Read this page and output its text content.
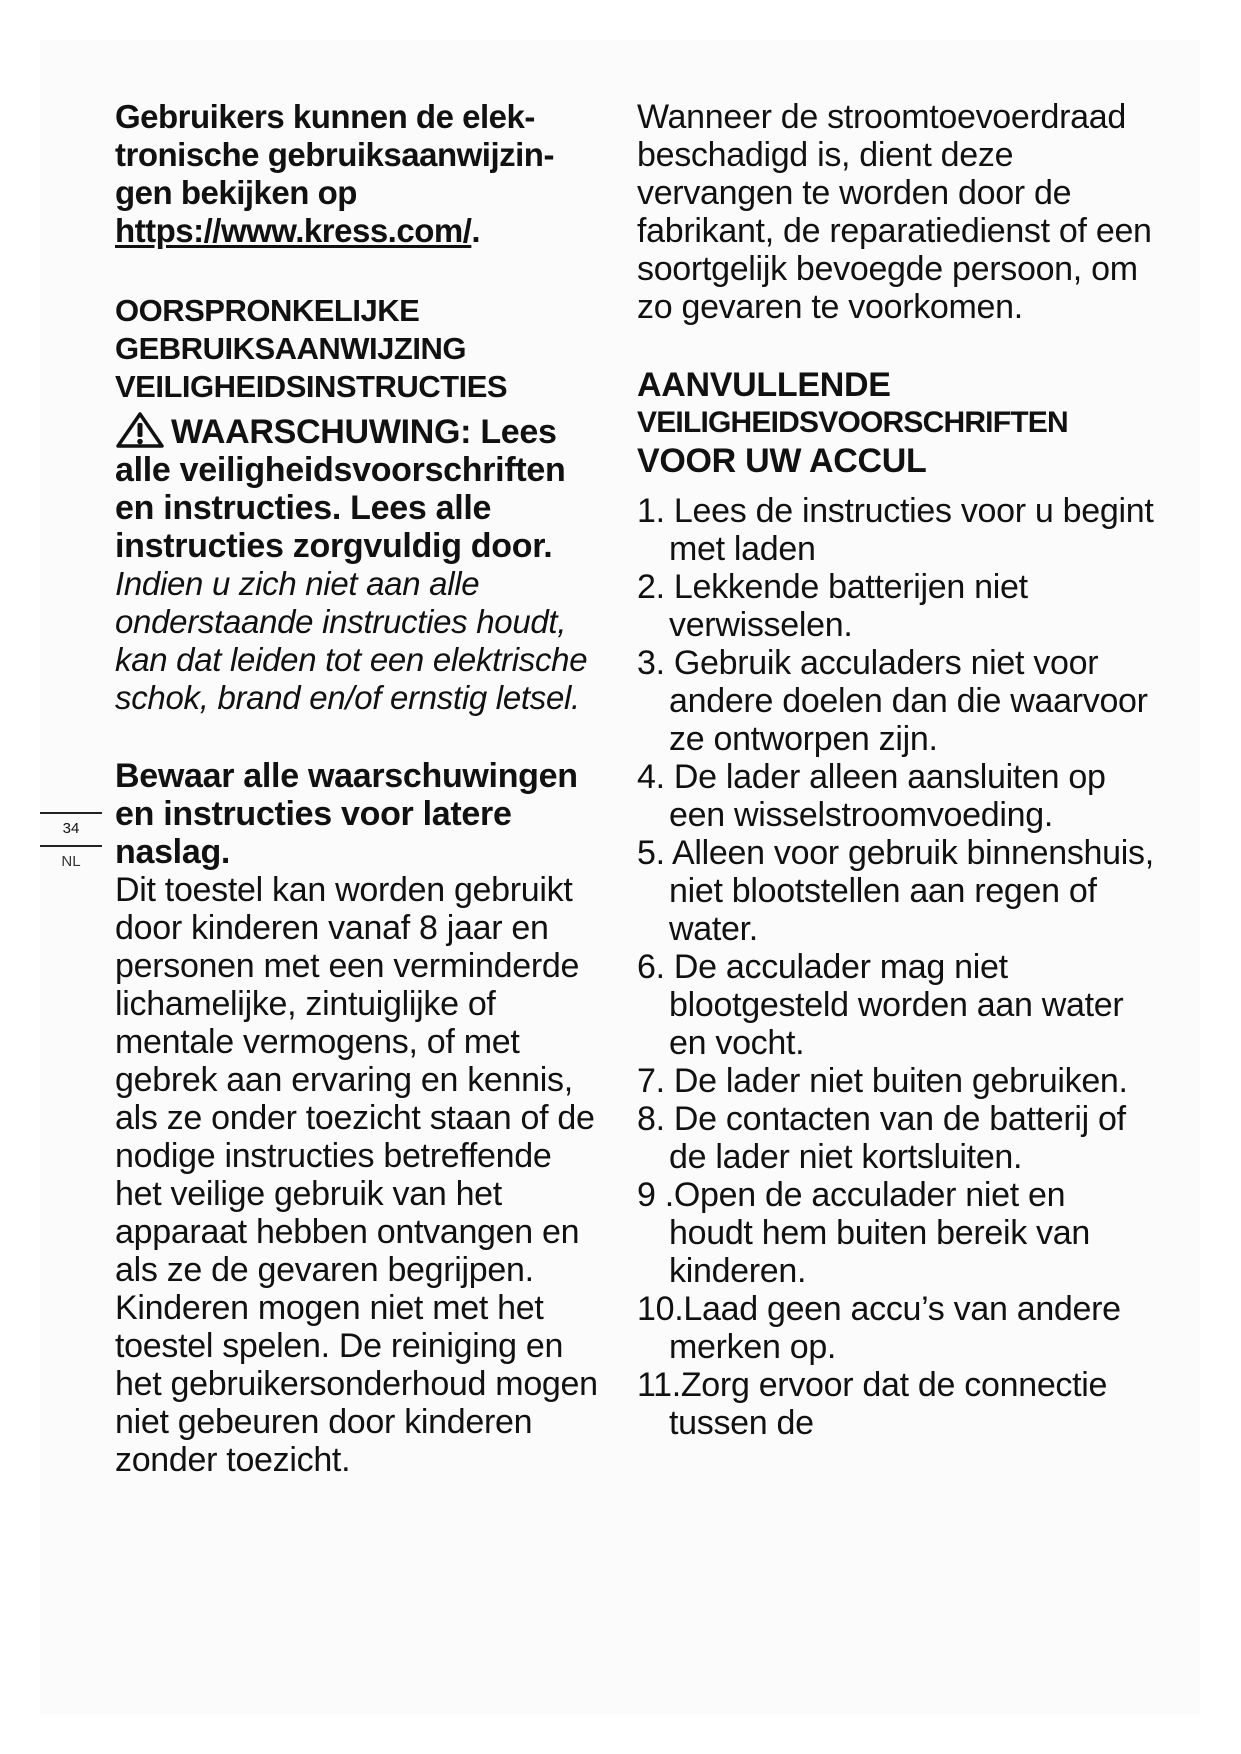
Gebruikers kunnen de elek-tronische gebruiksaanwijzin-gen bekijken op https://www.kress.com/.

OORSPRONKELIJKE
GEBRUIKSAANWIJZING
VEILIGHEIDSINSTRUCTIES

WAARSCHUWING: Lees alle veiligheidsvoorschriften en instructies. Lees alle instructies zorgvuldig door.

Indien u zich niet aan alle onderstaande instructies houdt, kan dat leiden tot een elektrische schok, brand en/of ernstig letsel.

Bewaar alle waarschuwingen en instructies voor latere naslag.

Dit toestel kan worden gebruikt door kinderen vanaf 8 jaar en personen met een verminderde lichamelijke, zintuiglijke of mentale vermogens, of met gebrek aan ervaring en kennis, als ze onder toezicht staan of de nodige instructies betreffende het veilige gebruik van het apparaat hebben ontvangen en als ze de gevaren begrijpen.

Kinderen mogen niet met het toestel spelen. De reiniging en het gebruikersonderhoud mogen niet gebeuren door kinderen zonder toezicht.

34
NL

Wanneer de stroomtoevoerdraad beschadigd is, dient deze vervangen te worden door de fabrikant, de reparatiedienst of een soortgelijk bevoegde persoon, om zo gevaren te voorkomen.

AANVULLENDE
VEILIGHEIDSVOORSCHRIFTEN
VOOR UW ACCUL
1. Lees de instructies voor u begint met laden
2. Lekkende batterijen niet verwisselen.
3. Gebruik acculaders niet voor andere doelen dan die waarvoor ze ontworpen zijn.
4. De lader alleen aansluiten op een wisselstroomvoeding.
5. Alleen voor gebruik binnenshuis, niet blootstellen aan regen of water.
6. De acculader mag niet blootgesteld worden aan water en vocht.
7. De lader niet buiten gebruiken.
8. De contacten van de batterij of de lader niet kortsluiten.
9 .Open de acculader niet en houdt hem buiten bereik van kinderen.
10.Laad geen accu’s van andere merken op.
11.Zorg ervoor dat de connectie tussen de
